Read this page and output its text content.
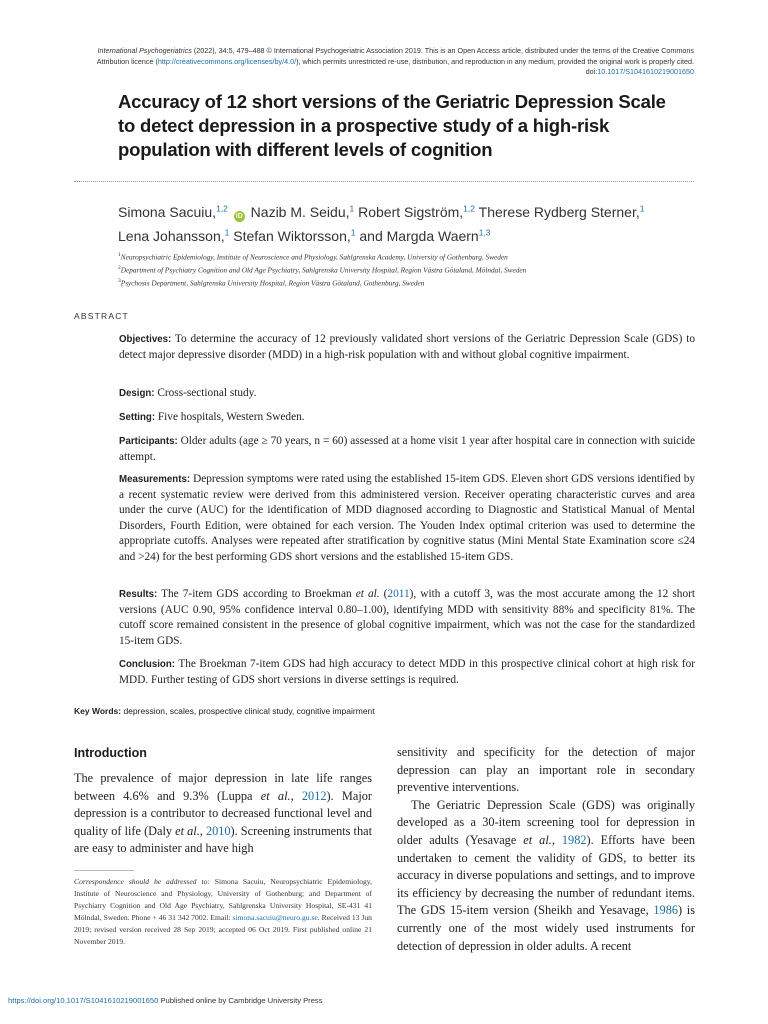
International Psychogeriatrics (2022), 34:5, 479–488 © International Psychogeriatric Association 2019. This is an Open Access article, distributed under the terms of the Creative Commons
Attribution licence (http://creativecommons.org/licenses/by/4.0/), which permits unrestricted re-use, distribution, and reproduction in any medium, provided the original work is properly cited.
doi:10.1017/S1041610219001650
Accuracy of 12 short versions of the Geriatric Depression Scale to detect depression in a prospective study of a high-risk population with different levels of cognition
Simona Sacuiu,$^{1,2}$ iD Nazib M. Seidu,$^1$ Robert Sigström,$^{1,2}$ Therese Rydberg Sterner,$^1$
Lena Johansson,$^1$ Stefan Wiktorsson,$^1$ and Margda Waern$^{1,3}$
$^1$Neuropsychiatric Epidemiology, Institute of Neuroscience and Physiology, Sahlgrenska Academy, University of Gothenburg, Sweden
$^2$Department of Psychiatry Cognition and Old Age Psychiatry, Sahlgrenska University Hospital, Region Västra Götaland, Mölndal, Sweden
$^3$Psychosis Department, Sahlgrenska University Hospital, Region Västra Götaland, Gothenburg, Sweden
ABSTRACT
Objectives: To determine the accuracy of 12 previously validated short versions of the Geriatric Depression Scale (GDS) to detect major depressive disorder (MDD) in a high-risk population with and without global cognitive impairment.
Design: Cross-sectional study.
Setting: Five hospitals, Western Sweden.
Participants: Older adults (age ≥ 70 years, n = 60) assessed at a home visit 1 year after hospital care in connection with suicide attempt.
Measurements: Depression symptoms were rated using the established 15-item GDS. Eleven short GDS versions identified by a recent systematic review were derived from this administered version. Receiver operating characteristic curves and area under the curve (AUC) for the identification of MDD diagnosed according to Diagnostic and Statistical Manual of Mental Disorders, Fourth Edition, were obtained for each version. The Youden Index optimal criterion was used to determine the appropriate cutoffs. Analyses were repeated after stratification by cognitive status (Mini Mental State Examination score ≤24 and >24) for the best performing GDS short versions and the established 15-item GDS.
Results: The 7-item GDS according to Broekman et al. (2011), with a cutoff 3, was the most accurate among the 12 short versions (AUC 0.90, 95% confidence interval 0.80–1.00), identifying MDD with sensitivity 88% and specificity 81%. The cutoff score remained consistent in the presence of global cognitive impairment, which was not the case for the standardized 15-item GDS.
Conclusion: The Broekman 7-item GDS had high accuracy to detect MDD in this prospective clinical cohort at high risk for MDD. Further testing of GDS short versions in diverse settings is required.
Key Words: depression, scales, prospective clinical study, cognitive impairment
Introduction

The prevalence of major depression in late life ranges between 4.6% and 9.3% (Luppa et al., 2012). Major depression is a contributor to decreased functional level and quality of life (Daly et al., 2010). Screening instruments that are easy to administer and have high

Correspondence should be addressed to: Simona Sacuiu, Neuropsychiatric Epidemiology, Institute of Neuroscience and Physiology, University of Gothenburg; and Department of Psychiatry Cognition and Old Age Psychiatry, Sahlgrenska University Hospital, SE-431 41 Mölndal, Sweden. Phone + 46 31 342 7002. Email: simona.sacuiu@neuro.gu.se. Received 13 Jun 2019; revised version received 28 Sep 2019; accepted 06 Oct 2019. First published online 21 November 2019.

sensitivity and specificity for the detection of major depression can play an important role in secondary preventive interventions.

The Geriatric Depression Scale (GDS) was originally developed as a 30-item screening tool for depression in older adults (Yesavage et al., 1982). Efforts have been undertaken to cement the validity of GDS, to better its accuracy in diverse populations and settings, and to improve its efficiency by decreasing the number of redundant items. The GDS 15-item version (Sheikh and Yesavage, 1986) is currently one of the most widely used instruments for detection of depression in older adults. A recent

https://doi.org/10.1017/S1041610219001650 Published online by Cambridge University Press
